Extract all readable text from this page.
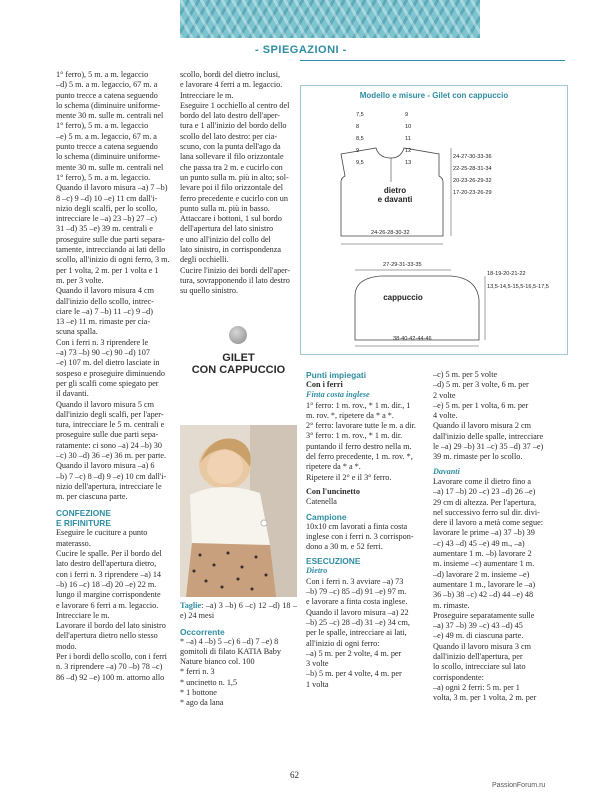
- SPIEGAZIONI -

1° ferro), 5 m. a m. legaccio

–d) 5 m. a m. legaccio, 67 m. a

punto trecce a catena seguendo

lo schema (diminuire uniforme-

mente 30 m. sulle m. centrali nel

1° ferro), 5 m. a m. legaccio

–e) 5 m. a m. legaccio, 67 m. a

punto trecce a catena seguendo

lo schema (diminuire uniforme-

mente 30 m. sulle m. centrali nel

1° ferro), 5 m. a m. legaccio.

Quando il lavoro misura –a) 7 –b)

8 –c) 9 –d) 10 –e) 11 cm dall'i-

nizio degli scalfi, per lo scollo,

intrecciare le –a) 23 –b) 27 –c)

31 –d) 35 –e) 39 m. centrali e

proseguire sulle due parti separa-

tamente, intrecciando ai lati dello

scollo, all'inizio di ogni ferro, 3 m.

per 1 volta, 2 m. per 1 volta e 1

m. per 3 volte.

Quando il lavoro misura 4 cm

dall'inizio dello scollo, intrec-

ciare le –a) 7 –b) 11 –c) 9 –d)

13 –e) 11 m. rimaste per cia-

scuna spalla.

Con i ferri n. 3 riprendere le

–a) 73 –b) 90 –c) 90 –d) 107

–e) 107 m. del dietro lasciate in

sospeso e proseguire diminuendo

per gli scalfi come spiegato per

il davanti.

Quando il lavoro misura 5 cm

dall'inizio degli scalfi, per l'aper-

tura, intrecciare le 5 m. centrali e

proseguire sulle due parti sepa-

ratamente: ci sono –a) 24 –b) 30

–c) 30 –d) 36 –e) 36 m. per parte.

Quando il lavoro misura –a) 6

–b) 7 –c) 8 –d) 9 –e) 10 cm dall'i-

nizio dell'apertura, intrecciare le

m. per ciascuna parte.

CONFEZIONE
E RIFINITURE

Eseguire le cuciture a punto

materasso.

Cucire le spalle. Per il bordo del

lato destro dell'apertura dietro,

con i ferri n. 3 riprendere –a) 14

–b) 16 –c) 18 –d) 20 –e) 22 m.

lungo il margine corrispondente

e lavorare 6 ferri a m. legaccio.

Intrecciare le m.

Lavorare il bordo del lato sinistro

dell'apertura dietro nello stesso

modo.

Per i bordi dello scollo, con i ferri

n. 3 riprendere –a) 70 –b) 78 –c)

86 –d) 92 –e) 100 m. attorno allo

scollo, bordi del dietro inclusi,

e lavorare 4 ferri a m. legaccio.

Intrecciare le m.

Eseguire 1 occhiello al centro del

bordo del lato destro dell'aper-

tura e 1 all'inizio del bordo dello

scollo del lato destro: per cia-

scuno, con la punta dell'ago da

lana sollevare il filo orizzontale

che passa tra 2 m. e cucirlo con

un punto sulla m. più in alto; sol-

levare poi il filo orizzontale del

ferro precedente e cucirlo con un

punto sulla m. più in basso.

Attaccare i bottoni, 1 sul bordo

dell'apertura del lato sinistro

e uno all'inizio del collo del

lato sinistro, in corrispondenza

degli occhielli.

Cucire l'inizio dei bordi dell'aper-

tura, sovrapponendo il lato destro

su quello sinistro.

GILET
CON CAPPUCCIO

Taglie: –a) 3 –b) 6 –c) 12 –d) 18 –e) 24 mesi

Occorrente

* –a) 4 –b) 5 –c) 6 –d) 7 –e) 8

gomitoli di filato KATIA Baby

Nature bianco col. 100

* ferri n. 3

* uncinetto n. 1,5

* 1 bottone

* ago da lana

Modello e misure - Gilet con cappuccio

7,5

8

8,5

9

9,5

9

10

11

12

13

24-27-30-33-36

22-25-28-31-34

20-23-26-29-32

17-20-23-26-29

dietro
e davanti
24-26-28-30-32
27-29-31-33-35
18-19-20-21-22
13,5-14,5-15,5-16,5-17,5
cappuccio
38-40-42-44-46
Punti impiegati

Con i ferri

Finta costa inglese

1° ferro: 1 m. rov., * 1 m. dir., 1

m. rov. *, ripetere da * a *.

2° ferro: lavorare tutte le m. a dir.

3° ferro: 1 m. rov., * 1 m. dir.

puntando il ferro destro nella m.

del ferro precedente, 1 m. rov. *,

ripetere da * a *.

Ripetere il 2° e il 3° ferro.

Con l'uncinetto

Catenella

Campione

10x10 cm lavorati a finta costa

inglese con i ferri n. 3 corrispon-

dono a 30 m. e 52 ferri.

ESECUZIONE

Dietro

Con i ferri n. 3 avviare –a) 73

–b) 79 –c) 85 –d) 91 –e) 97 m.

e lavorare a finta costa inglese.

Quando il lavoro misura –a) 22

–b) 25 –c) 28 –d) 31 –e) 34 cm,

per le spalle, intrecciare ai lati,

all'inizio di ogni ferro:

–a) 5 m. per 2 volte, 4 m. per

3 volte

–b) 5 m. per 4 volte, 4 m. per

1 volta

–c) 5 m. per 5 volte

–d) 5 m. per 3 volte, 6 m. per

2 volte

–e) 5 m. per 1 volta, 6 m. per

4 volte.

Quando il lavoro misura 2 cm

dall'inizio delle spalle, intrecciare

le –a) 29 –b) 31 –c) 35 –d) 37 –e)

39 m. rimaste per lo scollo.

Davanti

Lavorare come il dietro fino a

–a) 17 –b) 20 –c) 23 –d) 26 –e)

29 cm di altezza. Per l'apertura,

nel successivo ferro sul dir. divi-

dere il lavoro a metà come segue:

lavorare le prime –a) 37 –b) 39

–c) 43 –d) 45 –e) 49 m., –a)

aumentare 1 m. –b) lavorare 2

m. insieme –c) aumentare 1 m.

–d) lavorare 2 m. insieme –e)

aumentare 1 m., lavorare le –a)

36 –b) 38 –c) 42 –d) 44 –e) 48

m. rimaste.

Proseguire separatamente sulle

–a) 37 –b) 39 –c) 43 –d) 45

–e) 49 m. di ciascuna parte.

Quando il lavoro misura 3 cm

dall'inizio dell'apertura, per

lo scollo, intrecciare sul lato

corrispondente:

–a) ogni 2 ferri: 5 m. per 1

volta, 3 m. per 1 volta, 2 m. per

62
PassionForum.ru
